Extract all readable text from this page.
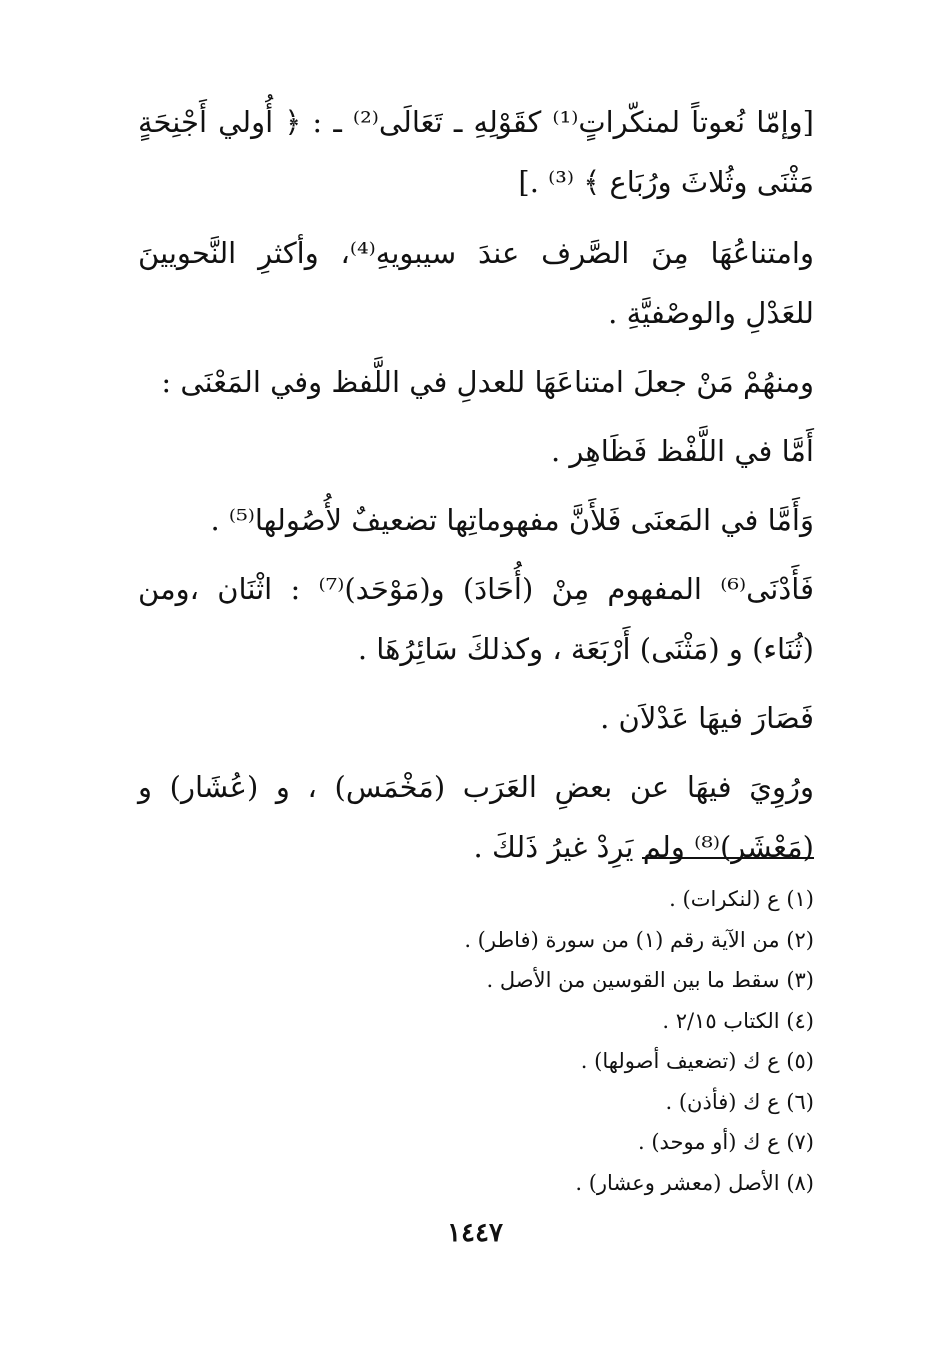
[وإمّا نُعوتاً لمنكّراتٍ⁽¹⁾ كقَوْلِهِ ـ تَعَالَى⁽²⁾ ـ : ﴿ أُولي أَجْنِحَةٍ مَثْنَى وثُلاثَ ورُبَاع ﴾ ⁽³⁾ .]

وامتناعُهَا مِنَ الصَّرف عندَ سيبويهِ⁽⁴⁾، وأكثرِ النَّحويينَ للعَدْلِ والوصْفيَّةِ .

ومنهُمْ مَنْ جعلَ امتناعَهَا للعدلِ في اللَّفظ وفي المَعْنَى :

أَمَّا في اللَّفْظ فَظَاهِر .

وَأَمَّا في المَعنَى فَلأَنَّ مفهوماتِها تضعيفٌ لأُصُولها⁽⁵⁾ .

فَأَدْنَى⁽⁶⁾ المفهوم مِنْ (أُحَادَ) و(مَوْحَد)⁽⁷⁾ : اثْنَان ،ومن (ثُنَاء) و (مَثْنَى) أَرْبَعَة ، وكذلكَ سَائِرُهَا .

فَصَارَ فيهَا عَدْلاَن .

ورُوِيَ فيهَا عن بعضِ العَرَب (مَخْمَس) ، و (عُشَار) و (مَعْشَر)⁽⁸⁾ ولم يَرِدْ غيرُ ذَلكَ .

(١) ع (لنكرات) .

(٢) من الآية رقم (١) من سورة (فاطر) .

(٣) سقط ما بين القوسين من الأصل .

(٤) الكتاب ٢/١٥ .

(٥) ع ك (تضعيف أصولها) .

(٦) ع ك (فأذن) .

(٧) ع ك (أو موحد) .

(٨) الأصل (معشر وعشار) .

١٤٤٧
